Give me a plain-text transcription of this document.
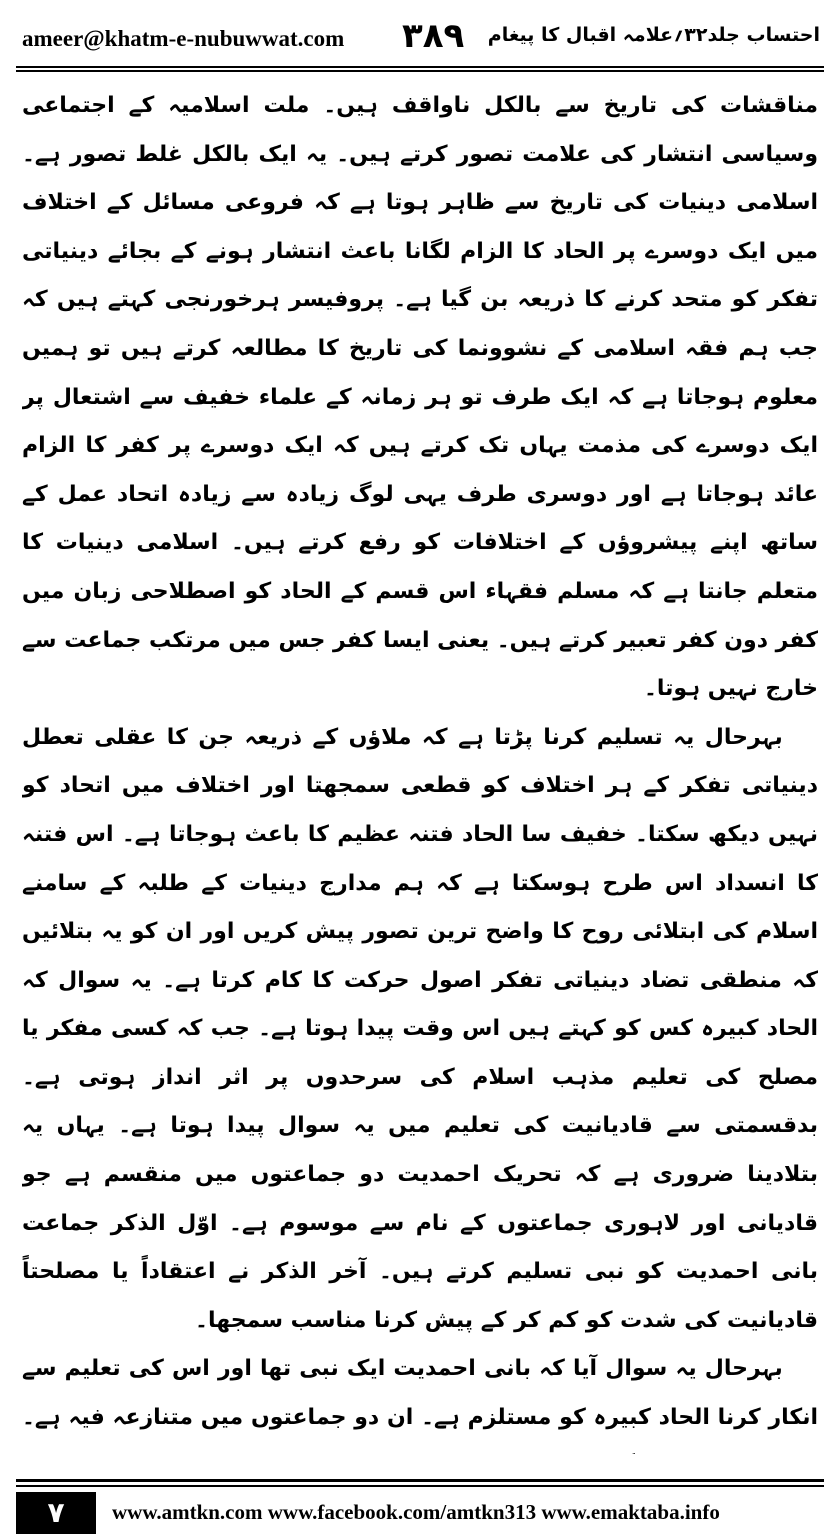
ameer@khatm-e-nubuwwat.com ۳۸۹ احتساب جلد۳۲؍علامہ اقبال کا پیغام

مناقشات کی تاریخ سے بالکل ناواقف ہیں۔ ملت اسلامیہ کے اجتماعی وسیاسی انتشار کی علامت تصور کرتے ہیں۔ یہ ایک بالکل غلط تصور ہے۔ اسلامی دینیات کی تاریخ سے ظاہر ہوتا ہے کہ فروعی مسائل کے اختلاف میں ایک دوسرے پر الحاد کا الزام لگانا باعث انتشار ہونے کے بجائے دینیاتی تفکر کو متحد کرنے کا ذریعہ بن گیا ہے۔ پروفیسر ہرخورنجی کہتے ہیں کہ جب ہم فقہ اسلامی کے نشوونما کی تاریخ کا مطالعہ کرتے ہیں تو ہمیں معلوم ہوجاتا ہے کہ ایک طرف تو ہر زمانہ کے علماء خفیف سے اشتعال پر ایک دوسرے کی مذمت یہاں تک کرتے ہیں کہ ایک دوسرے پر کفر کا الزام عائد ہوجاتا ہے اور دوسری طرف یہی لوگ زیادہ سے زیادہ اتحاد عمل کے ساتھ اپنے پیشروؤں کے اختلافات کو رفع کرتے ہیں۔ اسلامی دینیات کا متعلم جانتا ہے کہ مسلم فقہاء اس قسم کے الحاد کو اصطلاحی زبان میں کفر دون کفر تعبیر کرتے ہیں۔ یعنی ایسا کفر جس میں مرتکب جماعت سے خارج نہیں ہوتا۔

بہرحال یہ تسلیم کرنا پڑتا ہے کہ ملاؤں کے ذریعہ جن کا عقلی تعطل دینیاتی تفکر کے ہر اختلاف کو قطعی سمجھتا اور اختلاف میں اتحاد کو نہیں دیکھ سکتا۔ خفیف سا الحاد فتنہ عظیم کا باعث ہوجاتا ہے۔ اس فتنہ کا انسداد اس طرح ہوسکتا ہے کہ ہم مدارج دینیات کے طلبہ کے سامنے اسلام کی ابتلائی روح کا واضح ترین تصور پیش کریں اور ان کو یہ بتلائیں کہ منطقی تضاد دینیاتی تفکر اصول حرکت کا کام کرتا ہے۔ یہ سوال کہ الحاد کبیرہ کس کو کہتے ہیں اس وقت پیدا ہوتا ہے۔ جب کہ کسی مفکر یا مصلح کی تعلیم مذہب اسلام کی سرحدوں پر اثر انداز ہوتی ہے۔ بدقسمتی سے قادیانیت کی تعلیم میں یہ سوال پیدا ہوتا ہے۔ یہاں یہ بتلادینا ضروری ہے کہ تحریک احمدیت دو جماعتوں میں منقسم ہے جو قادیانی اور لاہوری جماعتوں کے نام سے موسوم ہے۔ اوّل الذکر جماعت بانی احمدیت کو نبی تسلیم کرتے ہیں۔ آخر الذکر نے اعتقاداً یا مصلحتاً قادیانیت کی شدت کو کم کر کے پیش کرنا مناسب سمجھا۔

بہرحال یہ سوال آیا کہ بانی احمدیت ایک نبی تھا اور اس کی تعلیم سے انکار کرنا الحاد کبیرہ کو مستلزم ہے۔ ان دو جماعتوں میں متنازعہ فیہ ہے۔

۷	www.amtkn.com www.facebook.com/amtkn313 www.emaktaba.info
